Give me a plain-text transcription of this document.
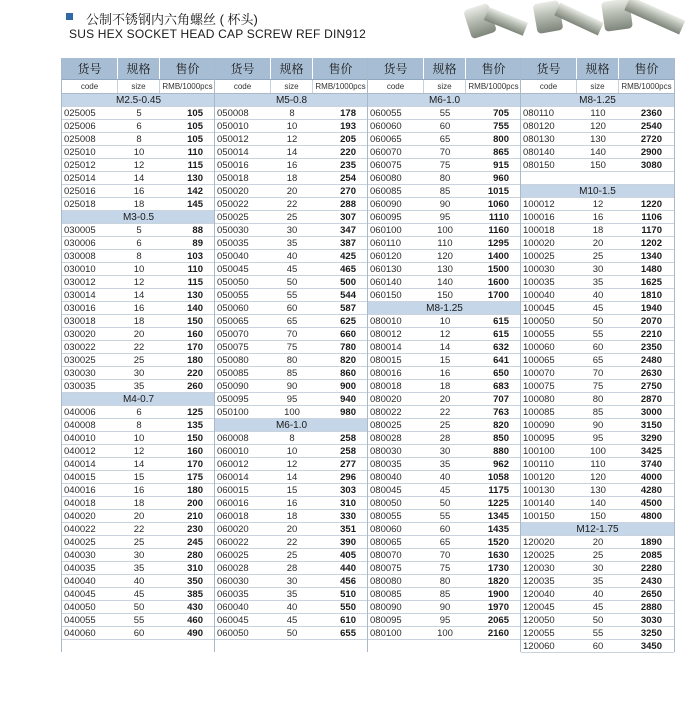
公制不锈钢内六角螺丝 ( 杯头)
SUS HEX SOCKET HEAD CAP SCREW REF DIN912
货号	规格	售价
code	size	RMB/1000pcs
M2.5-0.45
025005	5	105
025006	6	105
025008	8	105
025010	10	110
025012	12	115
025014	14	130
025016	16	142
025018	18	145
M3-0.5
030005	5	88
030006	6	89
030008	8	103
030010	10	110
030012	12	115
030014	14	130
030016	16	140
030018	18	150
030020	20	160
030022	22	170
030025	25	180
030030	30	220
030035	35	260
M4-0.7
040006	6	125
040008	8	135
040010	10	150
040012	12	160
040014	14	170
040015	15	175
040016	16	180
040018	18	200
040020	20	210
040022	22	230
040025	25	245
040030	30	280
040035	35	310
040040	40	350
040045	45	385
040050	50	430
040055	55	460
040060	60	490
货号	规格	售价
code	size	RMB/1000pcs
M5-0.8
050008	8	178
050010	10	193
050012	12	205
050014	14	220
050016	16	235
050018	18	254
050020	20	270
050022	22	288
050025	25	307
050030	30	347
050035	35	387
050040	40	425
050045	45	465
050050	50	500
050055	55	544
050060	60	587
050065	65	625
050070	70	660
050075	75	780
050080	80	820
050085	85	860
050090	90	900
050095	95	940
050100	100	980
M6-1.0
060008	8	258
060010	10	258
060012	12	277
060014	14	296
060015	15	303
060016	16	310
060018	18	330
060020	20	351
060022	22	390
060025	25	405
060028	28	440
060030	30	456
060035	35	510
060040	40	550
060045	45	610
060050	50	655
货号	规格	售价
code	size	RMB/1000pcs
M6-1.0
060055	55	705
060060	60	755
060065	65	800
060070	70	865
060075	75	915
060080	80	960
060085	85	1015
060090	90	1060
060095	95	1110
060100	100	1160
060110	110	1295
060120	120	1400
060130	130	1500
060140	140	1600
060150	150	1700
M8-1.25
080010	10	615
080012	12	615
080014	14	632
080015	15	641
080016	16	650
080018	18	683
080020	20	707
080022	22	763
080025	25	820
080028	28	850
080030	30	880
080035	35	962
080040	40	1058
080045	45	1175
080050	50	1225
080055	55	1345
080060	60	1435
080065	65	1520
080070	70	1630
080075	75	1730
080080	80	1820
080085	85	1900
080090	90	1970
080095	95	2065
080100	100	2160
货号	规格	售价
code	size	RMB/1000pcs
M8-1.25
080110	110	2360
080120	120	2540
080130	130	2720
080140	140	2900
080150	150	3080
M10-1.5
100012	12	1220
100016	16	1106
100018	18	1170
100020	20	1202
100025	25	1340
100030	30	1480
100035	35	1625
100040	40	1810
100045	45	1940
100050	50	2070
100055	55	2210
100060	60	2350
100065	65	2480
100070	70	2630
100075	75	2750
100080	80	2870
100085	85	3000
100090	90	3150
100095	95	3290
100100	100	3425
100110	110	3740
100120	120	4000
100130	130	4280
100140	140	4500
100150	150	4800
M12-1.75
120020	20	1890
120025	25	2085
120030	30	2280
120035	35	2430
120040	40	2650
120045	45	2880
120050	50	3030
120055	55	3250
120060	60	3450
